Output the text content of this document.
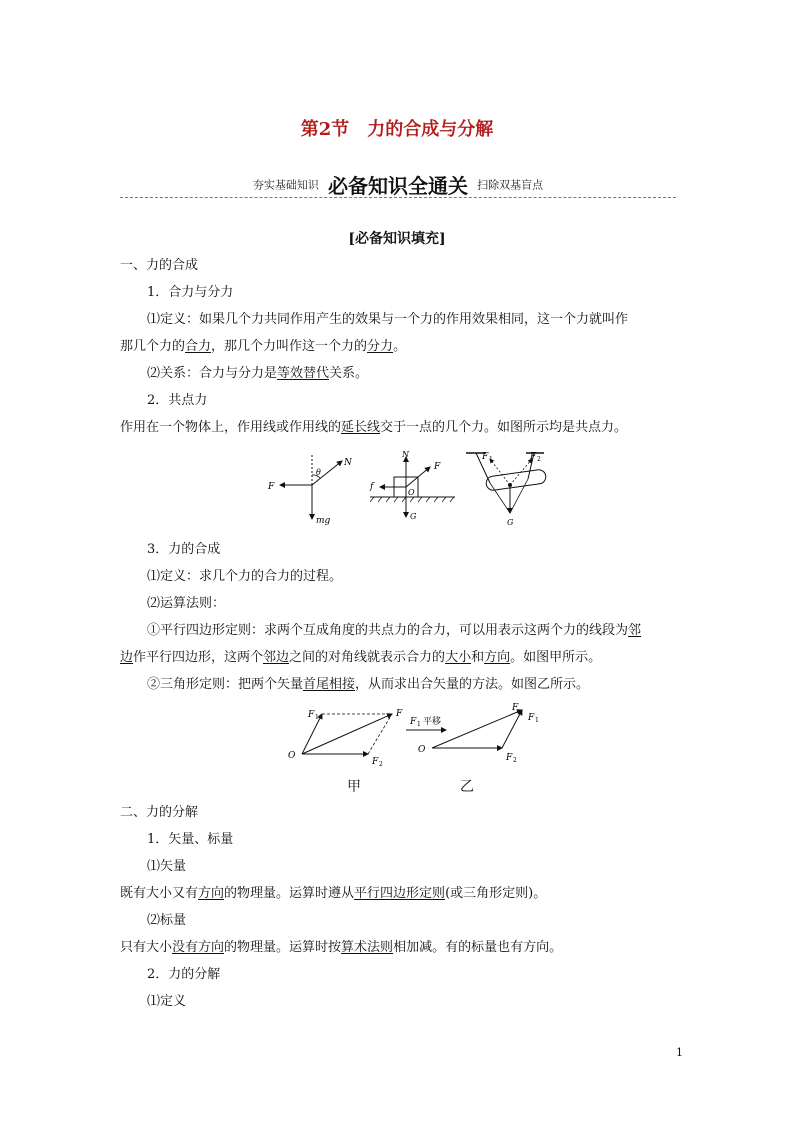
第2节　力的合成与分解
夯实基础知识 必备知识全通关 扫除双基盲点
[必备知识填充]
一、力的合成
1．合力与分力
⑴定义：如果几个力共同作用产生的效果与一个力的作用效果相同，这一个力就叫作
那几个力的合力，那几个力叫作这一个力的分力。
⑵关系：合力与分力是等效替代关系。
2．共点力
作用在一个物体上，作用线或作用线的延长线交于一点的几个力。如图所示均是共点力。
θ
N
F
mg
N
F
f
O
G
F 1	F 2
G
3．力的合成
⑴定义：求几个力的合力的过程。
⑵运算法则：
①平行四边形定则：求两个互成角度的共点力的合力，可以用表示这两个力的线段为邻
边作平行四边形，这两个邻边之间的对角线就表示合力的大小和方向。如图甲所示。
②三角形定则：把两个矢量首尾相接，从而求出合矢量的方法。如图乙所示。
F 1	F
F 2
O
F 1 平移
F
F 1
F 2
O
甲	乙
二、力的分解
1．矢量、标量
⑴矢量
既有大小又有方向的物理量。运算时遵从平行四边形定则(或三角形定则)。
⑵标量
只有大小没有方向的物理量。运算时按算术法则相加减。有的标量也有方向。
2．力的分解
⑴定义
1
